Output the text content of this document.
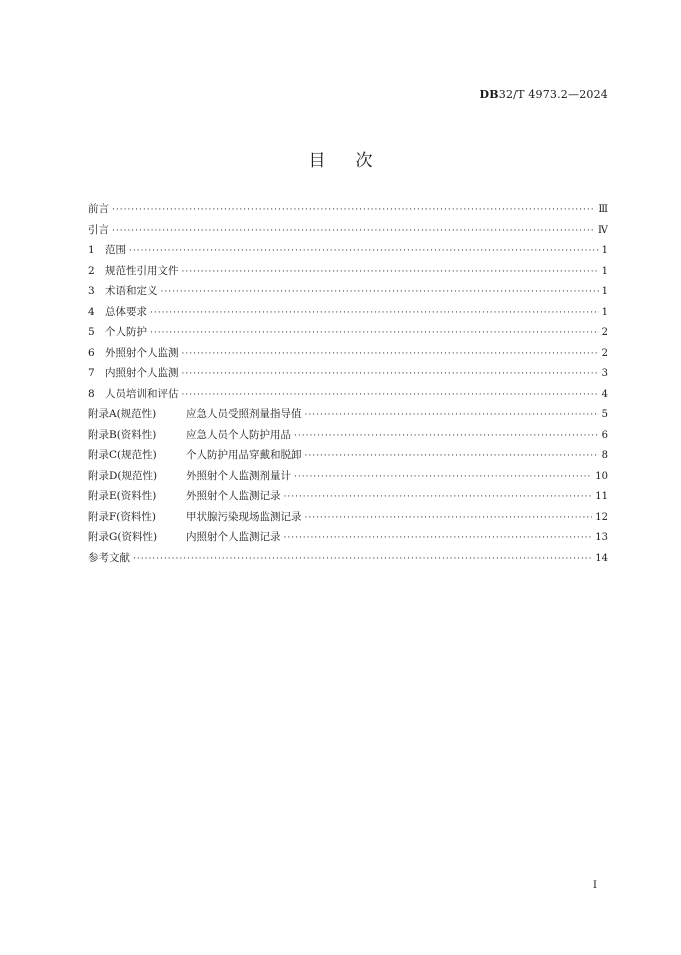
DB32/T 4973.2—2024
目次
前言 ·····	Ⅲ
引言 ·····	Ⅳ
1 范围 ·····	1
2 规范性引用文件 ·····	1
3 术语和定义 ·····	1
4 总体要求 ·····	1
5 个人防护 ·····	2
6 外照射个人监测 ·····	2
7 内照射个人监测 ·····	3
8 人员培训和评估 ·····	4
附录A(规范性)	应急人员受照剂量指导值 ·····	5
附录B(资料性)	应急人员个人防护用品 ·····	6
附录C(规范性)	个人防护用品穿戴和脱卸 ·····	8
附录D(规范性)	外照射个人监测剂量计 ·····	10
附录E(资料性)	外照射个人监测记录 ·····	11
附录F(资料性)	甲状腺污染现场监测记录 ·····	12
附录G(资料性)	内照射个人监测记录 ·····	13
参考文献 ·····	14
I
